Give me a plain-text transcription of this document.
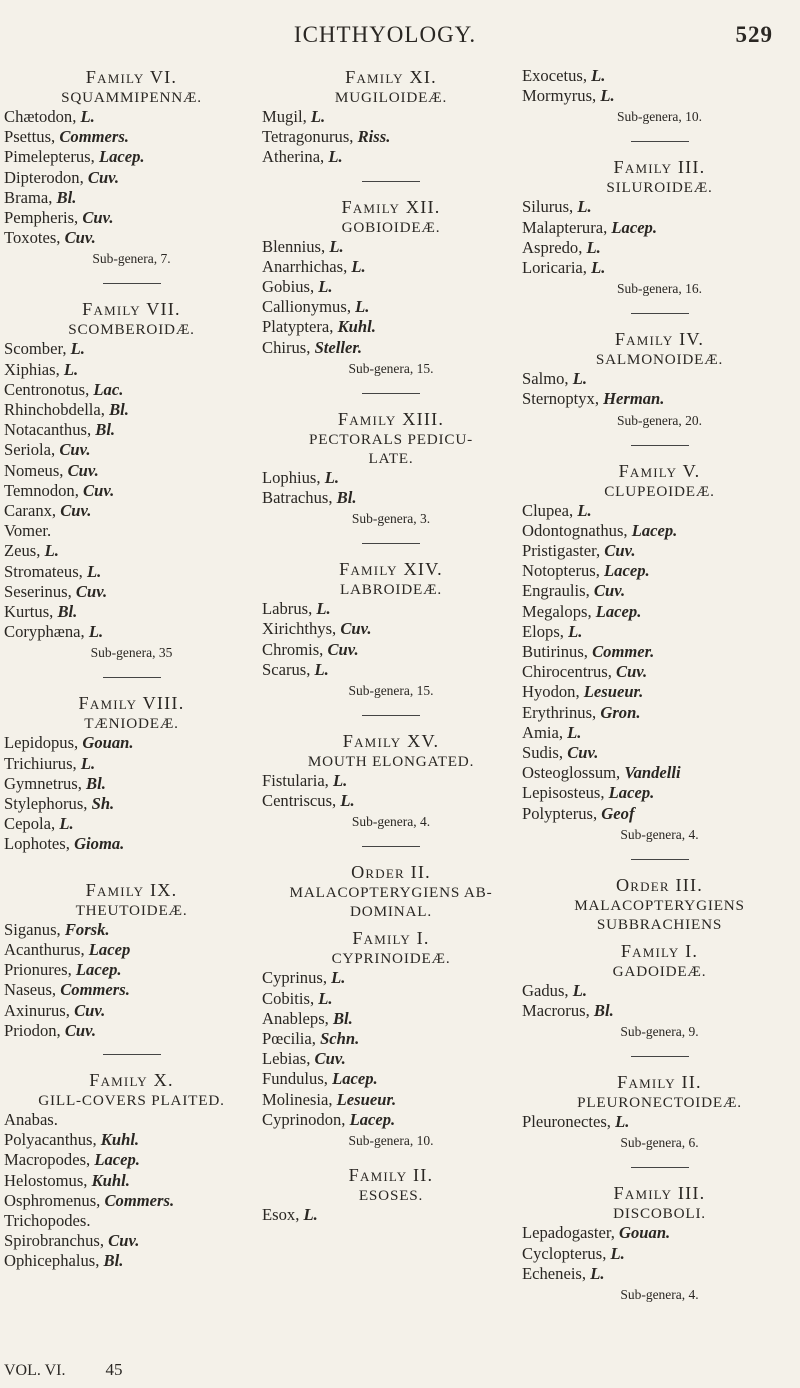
ICHTHYOLOGY.	529
Family VI.
SQUAMMIPENNÆ.
Chætodon, L.
Psettus, Commers.
Pimelepterus, Lacep.
Dipterodon, Cuv.
Brama, Bl.
Pempheris, Cuv.
Toxotes, Cuv.
Sub-genera, 7.
Family VII.
SCOMBEROIDÆ.
Scomber, L.
Xiphias, L.
Centronotus, Lac.
Rhinchobdella, Bl.
Notacanthus, Bl.
Seriola, Cuv.
Nomeus, Cuv.
Temnodon, Cuv.
Caranx, Cuv.
Vomer.
Zeus, L.
Stromateus, L.
Seserinus, Cuv.
Kurtus, Bl.
Coryphæna, L.
Sub-genera, 35
Family VIII.
TÆNIODEÆ.
Lepidopus, Gouan.
Trichiurus, L.
Gymnetrus, Bl.
Stylephorus, Sh.
Cepola, L.
Lophotes, Gioma.
Family IX.
THEUTOIDEÆ.
Siganus, Forsk.
Acanthurus, Lacep
Prionures, Lacep.
Naseus, Commers.
Axinurus, Cuv.
Priodon, Cuv.
Family X.
GILL-COVERS PLAITED.
Anabas.
Polyacanthus, Kuhl.
Macropodes, Lacep.
Helostomus, Kuhl.
Osphromenus, Commers.
Trichopodes.
Spirobranchus, Cuv.
Ophicephalus, Bl.
Family XI.
MUGILOIDEÆ.
Mugil, L.
Tetragonurus, Riss.
Atherina, L.
Family XII.
GOBIOIDEÆ.
Blennius, L.
Anarrhichas, L.
Gobius, L.
Callionymus, L.
Platyptera, Kuhl.
Chirus, Steller.
Sub-genera, 15.
Family XIII.
PECTORALS PEDICU-
LATE.
Lophius, L.
Batrachus, Bl.
Sub-genera, 3.
Family XIV.
LABROIDEÆ.
Labrus, L.
Xirichthys, Cuv.
Chromis, Cuv.
Scarus, L.
Sub-genera, 15.
Family XV.
MOUTH ELONGATED.
Fistularia, L.
Centriscus, L.
Sub-genera, 4.
Order II.
MALACOPTERYGIENS AB-
DOMINAL.
Family I.
CYPRINOIDEÆ.
Cyprinus, L.
Cobitis, L.
Anableps, Bl.
Pœcilia, Schn.
Lebias, Cuv.
Fundulus, Lacep.
Molinesia, Lesueur.
Cyprinodon, Lacep.
Sub-genera, 10.
Family II.
ESOSES.
Esox, L.
Exocetus, L.
Mormyrus, L.
Sub-genera, 10.
Family III.
SILUROIDEÆ.
Silurus, L.
Malapterura, Lacep.
Aspredo, L.
Loricaria, L.
Sub-genera, 16.
Family IV.
SALMONOIDEÆ.
Salmo, L.
Sternoptyx, Herman.
Sub-genera, 20.
Family V.
CLUPEOIDEÆ.
Clupea, L.
Odontognathus, Lacep.
Pristigaster, Cuv.
Notopterus, Lacep.
Engraulis, Cuv.
Megalops, Lacep.
Elops, L.
Butirinus, Commer.
Chirocentrus, Cuv.
Hyodon, Lesueur.
Erythrinus, Gron.
Amia, L.
Sudis, Cuv.
Osteoglossum, Vandelli
Lepisosteus, Lacep.
Polypterus, Geof
Sub-genera, 4.
Order III.
MALACOPTERYGIENS
SUBBRACHIENS
Family I.
GADOIDEÆ.
Gadus, L.
Macrorus, Bl.
Sub-genera, 9.
Family II.
PLEURONECTOIDEÆ.
Pleuronectes, L.
Sub-genera, 6.
Family III.
DISCOBOLI.
Lepadogaster, Gouan.
Cyclopterus, L.
Echeneis, L.
Sub-genera, 4.
VOL. VI. 45
